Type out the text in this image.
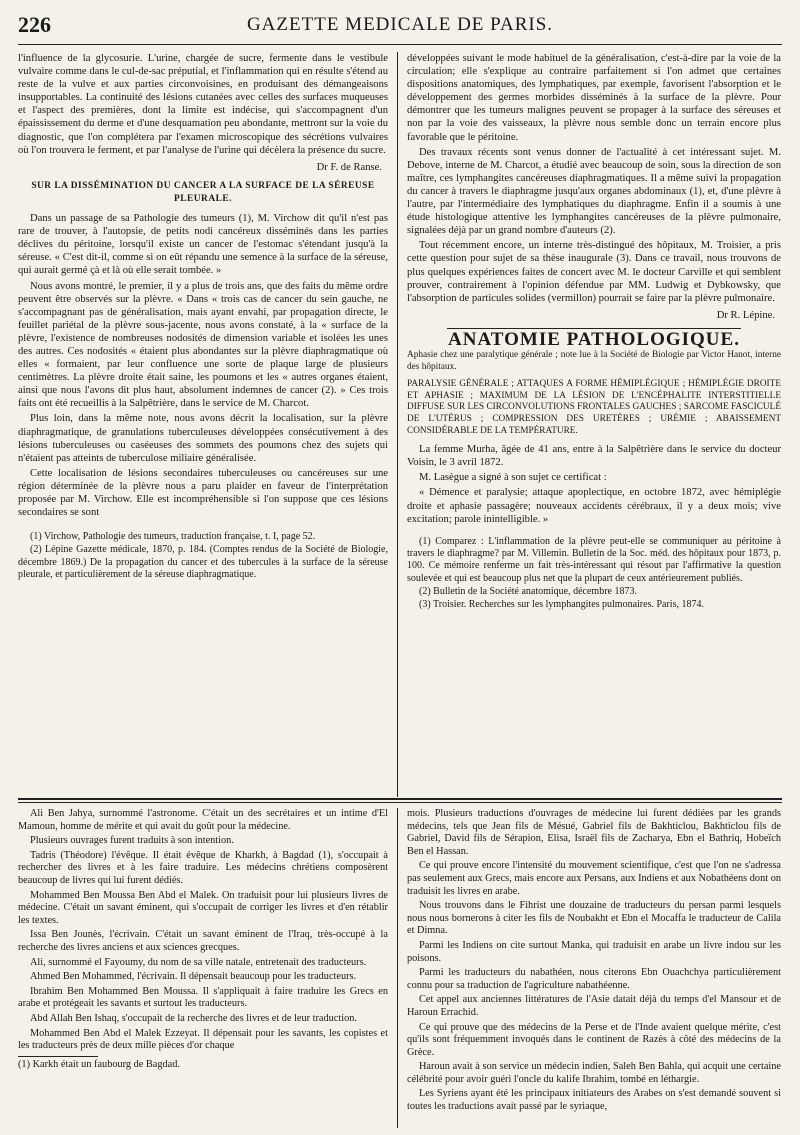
226	GAZETTE MEDICALE DE PARIS.

l'influence de la glycosurie. L'urine, chargée de sucre, fermente dans le vestibule vulvaire comme dans le cul-de-sac préputial, et l'inflammation qui en résulte s'étend au reste de la vulve et aux parties circonvoisines, en produisant des démangeaisons insupportables. La continuité des lésions cutanées avec celles des surfaces muqueuses et l'aspect des premières, dont la limite est indécise, qui s'accompagnent d'un épaississement du derme et d'une desquamation peu abondante, mettront sur la voie du diagnostic, que l'on complétera par l'examen microscopique des sécrétions vulvaires où l'on trouvera le ferment, et par l'analyse de l'urine qui décèlera la présence du sucre.

Dr F. de Ranse.
SUR LA DISSÉMINATION DU CANCER A LA SURFACE DE LA SÉREUSE PLEURALE.

Dans un passage de sa Pathologie des tumeurs (1), M. Virchow dit qu'il n'est pas rare de trouver, à l'autopsie, de petits nodi cancéreux disséminés dans les parties déclives du péritoine, lorsqu'il existe un cancer de l'estomac s'étendant jusqu'à la séreuse. « C'est dit-il, comme si on eût répandu une semence à la surface de la séreuse, qui aurait germé çà et là où elle serait tombée. »

Nous avons montré, le premier, il y a plus de trois ans, que des faits du même ordre peuvent être observés sur la plèvre. « Dans « trois cas de cancer du sein gauche, ne s'accompagnant pas de généralisation, mais ayant envahi, par propagation directe, le feuillet pariétal de la plèvre sous-jacente, nous avons constaté, à la « surface de la plèvre, l'existence de nombreuses nodosités de dimension variable et isolées les unes des autres. Ces nodosités « étaient plus abondantes sur la plèvre diaphragmatique où elles « formaient, par leur confluence une sorte de plaque large de plusieurs centimètres. La plèvre droite était saine, les poumons et les « autres organes étaient, ainsi que nous l'avons dit plus haut, absolument indemnes de cancer (2). » Ces trois faits ont été recueillis à la Salpêtrière, dans le service de M. Charcot.

Plus loin, dans la même note, nous avons décrit la localisation, sur la plèvre diaphragmatique, de granulations tuberculeuses développées consécutivement à des lésions tuberculeuses ou caséeuses des sommets des poumons chez des sujets qui n'étaient pas atteints de tuberculose miliaire généralisée.

Cette localisation de lésions secondaires tuberculeuses ou cancéreuses sur une région déterminée de la plèvre nous a paru plaider en faveur de l'interprétation proposée par M. Virchow. Elle est incompréhensible si l'on suppose que ces lésions secondaires se sont

(1) Virchow, Pathologie des tumeurs, traduction française, t. I, page 52.

(2) Lépine Gazette médicale, 1870, p. 184. (Comptes rendus de la Société de Biologie, décembre 1869.) De la propagation du cancer et des tubercules à la surface de la séreuse pleurale, et particulièrement de la séreuse diaphragmatique.

développées suivant le mode habituel de la généralisation, c'est-à-dire par la voie de la circulation; elle s'explique au contraire parfaitement si l'on admet que certaines dispositions anatomiques, des lymphatiques, par exemple, favorisent l'absorption et le développement des germes morbides disséminés à la surface de la plèvre. Pour démontrer que les tumeurs malignes peuvent se propager à la surface des séreuses et non par la voie des vaisseaux, la plèvre nous semble donc un terrain encore plus favorable que le péritoine.

Des travaux récents sont venus donner de l'actualité à cet intéressant sujet. M. Debove, interne de M. Charcot, a étudié avec beaucoup de soin, sous la direction de son maître, ces lymphangites cancéreuses diaphragmatiques. Il a même suivi la propagation du cancer à travers le diaphragme jusqu'aux organes abdominaux (1), et, d'une plèvre à l'autre, par l'intermédiaire des lymphatiques du diaphragme. Enfin il a soumis à une étude histologique attentive les lymphangites cancéreuses de la plèvre pulmonaire, signalées déjà par un grand nombre d'auteurs (2).

Tout récemment encore, un interne très-distingué des hôpitaux, M. Troisier, a pris cette question pour sujet de sa thèse inaugurale (3). Dans ce travail, nous trouvons de plus quelques expériences faites de concert avec M. le docteur Carville et qui semblent prouver, contrairement à l'opinion défendue par MM. Ludwig et Dybkowsky, que l'absorption de particules solides (vermillon) pourrait se faire par la plèvre pulmonaire.

Dr R. Lépine.
ANATOMIE PATHOLOGIQUE.
Aphasie chez une paralytique générale ; note lue à la Société de Biologie par Victor Hanot, interne des hôpitaux.
PARALYSIE GÉNÉRALE ; ATTAQUES A FORME HÉMIPLÉGIQUE ; HÉMIPLÉGIE DROITE ET APHASIE ; MAXIMUM DE LA LÉSION DE L'ENCÉPHALITE INTERSTITIELLE DIFFUSE SUR LES CIRCONVOLUTIONS FRONTALES GAUCHES ; SARCOME FASCICULÉ DE L'UTÉRUS ; COMPRESSION DES URETÈRES ; URÉMIE ; ABAISSEMENT CONSIDÉRABLE DE LA TEMPÉRATURE.

La femme Murha, âgée de 41 ans, entre à la Salpêtrière dans le service du docteur Voisin, le 3 avril 1872.

M. Lasègue a signé à son sujet ce certificat :

« Démence et paralysie; attaque apoplectique, en octobre 1872, avec hémiplégie droite et aphasie passagère; nouveaux accidents cérébraux, il y a deux mois; vive excitation; parole inintelligible. »

(1) Comparez : L'inflammation de la plèvre peut-elle se communiquer au péritoine à travers le diaphragme? par M. Villemin. Bulletin de la Soc. méd. des hôpitaux pour 1873, p. 100. Ce mémoire renferme un fait très-intéressant qui résout par l'affirmative la question soulevée et qui est beaucoup plus net que la plupart de ceux antérieurement publiés.

(2) Bulletin de la Société anatomique, décembre 1873.

(3) Troisier. Recherches sur les lymphangites pulmonaires. Paris, 1874.

Ali Ben Jahya, surnommé l'astronome. C'était un des secrétaires et un intime d'El Mamoun, homme de mérite et qui avait du goût pour la médecine.

Plusieurs ouvrages furent traduits à son intention.

Tadris (Théodore) l'évêque. Il était évêque de Kharkh, à Bagdad (1), s'occupait à rechercher des livres et à les faire traduire. Les médecins chrétiens composèrent beaucoup de livres qui lui furent dédiés.

Mohammed Ben Moussa Ben Abd el Malek. On traduisit pour lui plusieurs livres de médecine. C'était un savant éminent, qui s'occupait de corriger les livres et d'en rétablir les textes.

Issa Ben Jounès, l'écrivain. C'était un savant éminent de l'Iraq, très-occupé à la recherche des livres anciens et aux sciences grecques.

Ali, surnommé el Fayoumy, du nom de sa ville natale, entretenait des traducteurs.

Ahmed Ben Mohammed, l'écrivain. Il dépensait beaucoup pour les traducteurs.

Ibrahim Ben Mohammed Ben Moussa. Il s'appliquait à faire traduire les Grecs en arabe et protégeait les savants et surtout les traducteurs.

Abd Allah Ben Ishaq, s'occupait de la recherche des livres et de leur traduction.

Mohammed Ben Abd el Malek Ezzeyat. Il dépensait pour les savants, les copistes et les traducteurs près de deux mille pièces d'or chaque

(1) Karkh était un faubourg de Bagdad.

mois. Plusieurs traductions d'ouvrages de médecine lui furent dédiées par les grands médecins, tels que Jean fils de Mésué, Gabriel fils de Bakhticlou, Bakhticlou fils de Gabriel, David fils de Sérapion, Elisa, Israël fils de Zacharya, Ebn el Bathriq, Hobeïch Ben el Hassan.

Ce qui prouve encore l'intensité du mouvement scientifique, c'est que l'on ne s'adressa pas seulement aux Grecs, mais encore aux Persans, aux Indiens et aux Nobathéens dont on traduisit les livres en arabe.

Nous trouvons dans le Fihrist une douzaine de traducteurs du persan parmi lesquels nous nous bornerons à citer les fils de Noubakht et Ebn el Mocaffa le traducteur de Calila et Dimna.

Parmi les Indiens on cite surtout Manka, qui traduisit en arabe un livre indou sur les poisons.

Parmi les traducteurs du nabathéen, nous citerons Ebn Ouachchya particulièrement connu pour sa traduction de l'agriculture nabathéenne.

Cet appel aux anciennes littératures de l'Asie datait déjà du temps d'el Mansour et de Haroun Errachid.

Ce qui prouve que des médecins de la Perse et de l'Inde avaient quelque mérite, c'est qu'ils sont fréquemment invoqués dans le continent de Razès à côté des médecins de la Grèce.

Haroun avait à son service un médecin indien, Saleh Ben Bahla, qui acquit une certaine célébrité pour avoir guéri l'oncle du kalife Ibrahim, tombé en léthargie.

Les Syriens ayant été les principaux initiateurs des Arabes on s'est demandé souvent si toutes les traductions avait passé par le syriaque,
